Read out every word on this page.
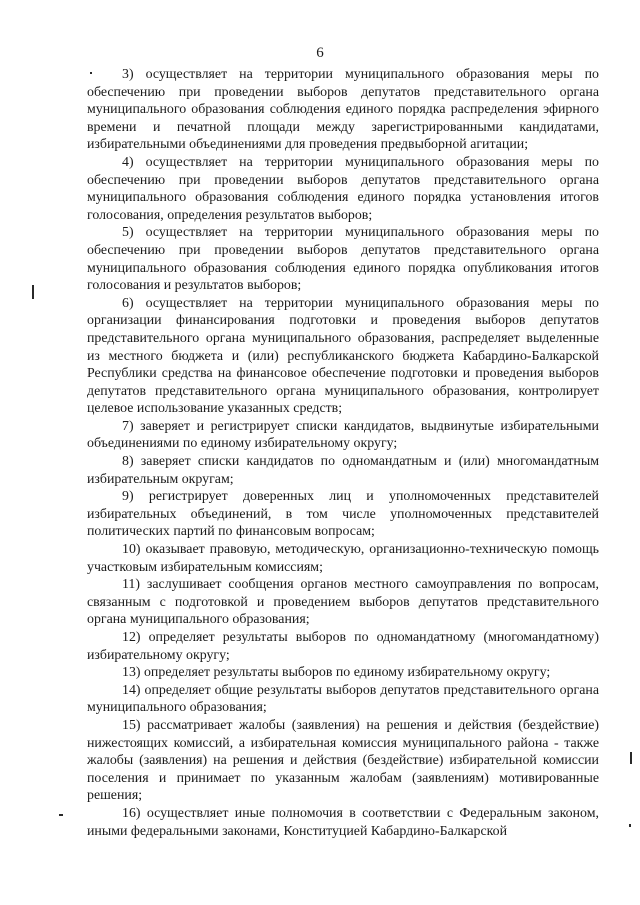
6

3) осуществляет на территории муниципального образования меры по обеспечению при проведении выборов депутатов представительного органа муниципального образования соблюдения единого порядка распределения эфирного времени и печатной площади между зарегистрированными кандидатами, избирательными объединениями для проведения предвыборной агитации;

4) осуществляет на территории муниципального образования меры по обеспечению при проведении выборов депутатов представительного органа муниципального образования соблюдения единого порядка установления итогов голосования, определения результатов выборов;

5) осуществляет на территории муниципального образования меры по обеспечению при проведении выборов депутатов представительного органа муниципального образования соблюдения единого порядка опубликования итогов голосования и результатов выборов;

6) осуществляет на территории муниципального образования меры по организации финансирования подготовки и проведения выборов депутатов представительного органа муниципального образования, распределяет выделенные из местного бюджета и (или) республиканского бюджета Кабардино-Балкарской Республики средства на финансовое обеспечение подготовки и проведения выборов депутатов представительного органа муниципального образования, контролирует целевое использование указанных средств;

7) заверяет и регистрирует списки кандидатов, выдвинутые избирательными объединениями по единому избирательному округу;

8) заверяет списки кандидатов по одномандатным и (или) многомандатным избирательным округам;

9) регистрирует доверенных лиц и уполномоченных представителей избирательных объединений, в том числе уполномоченных представителей политических партий по финансовым вопросам;

10) оказывает правовую, методическую, организационно-техническую помощь участковым избирательным комиссиям;

11) заслушивает сообщения органов местного самоуправления по вопросам, связанным с подготовкой и проведением выборов депутатов представительного органа муниципального образования;

12) определяет результаты выборов по одномандатному (многомандатному) избирательному округу;

13) определяет результаты выборов по единому избирательному округу;

14) определяет общие результаты выборов депутатов представительного органа муниципального образования;

15) рассматривает жалобы (заявления) на решения и действия (бездействие) нижестоящих комиссий, а избирательная комиссия муниципального района - также жалобы (заявления) на решения и действия (бездействие) избирательной комиссии поселения и принимает по указанным жалобам (заявлениям) мотивированные решения;

16) осуществляет иные полномочия в соответствии с Федеральным законом, иными федеральными законами, Конституцией Кабардино-Балкарской
